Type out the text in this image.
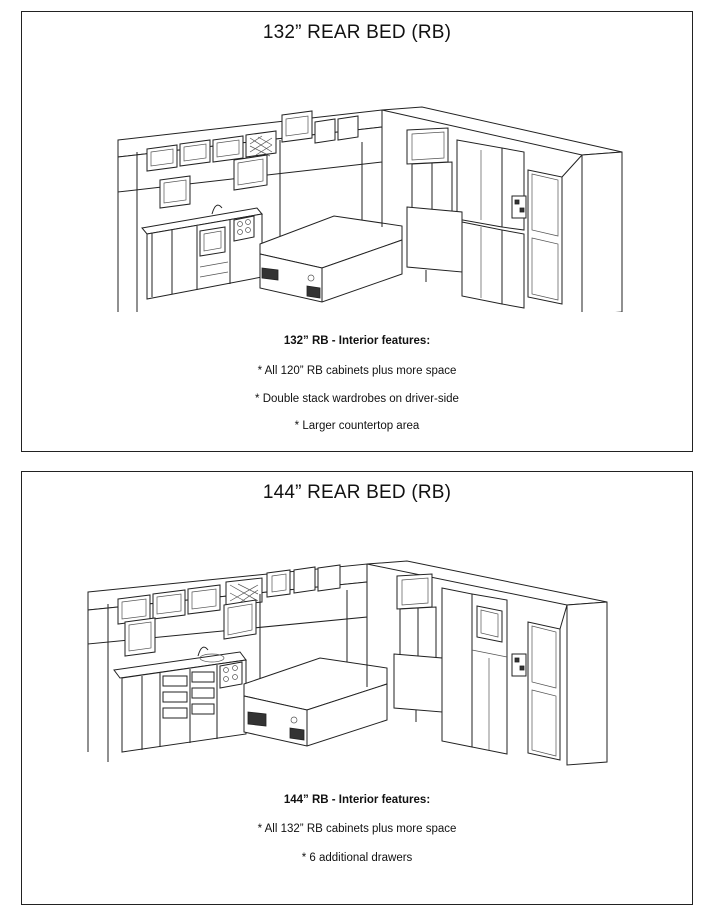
132” REAR BED (RB)
132” RB - Interior features:
* All 120” RB cabinets plus more space
* Double stack wardrobes on driver-side
* Larger countertop area
144” REAR BED (RB)
144” RB - Interior features:
* All 132” RB cabinets plus more space
* 6 additional drawers
